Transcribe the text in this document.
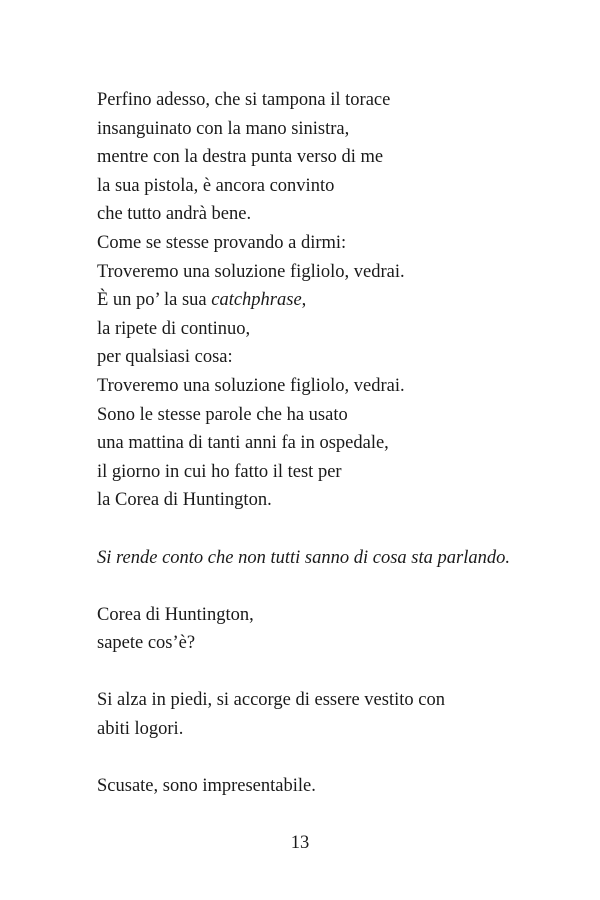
Perfino adesso, che si tampona il torace
insanguinato con la mano sinistra,
mentre con la destra punta verso di me
la sua pistola, è ancora convinto
che tutto andrà bene.
Come se stesse provando a dirmi:
Troveremo una soluzione figliolo, vedrai.
È un po’ la sua catchphrase,
la ripete di continuo,
per qualsiasi cosa:
Troveremo una soluzione figliolo, vedrai.
Sono le stesse parole che ha usato
una mattina di tanti anni fa in ospedale,
il giorno in cui ho fatto il test per
la Corea di Huntington.
Si rende conto che non tutti sanno di cosa sta parlando.
Corea di Huntington,
sapete cos’è?
Si alza in piedi, si accorge di essere vestito con
abiti logori.
Scusate, sono impresentabile.
13
